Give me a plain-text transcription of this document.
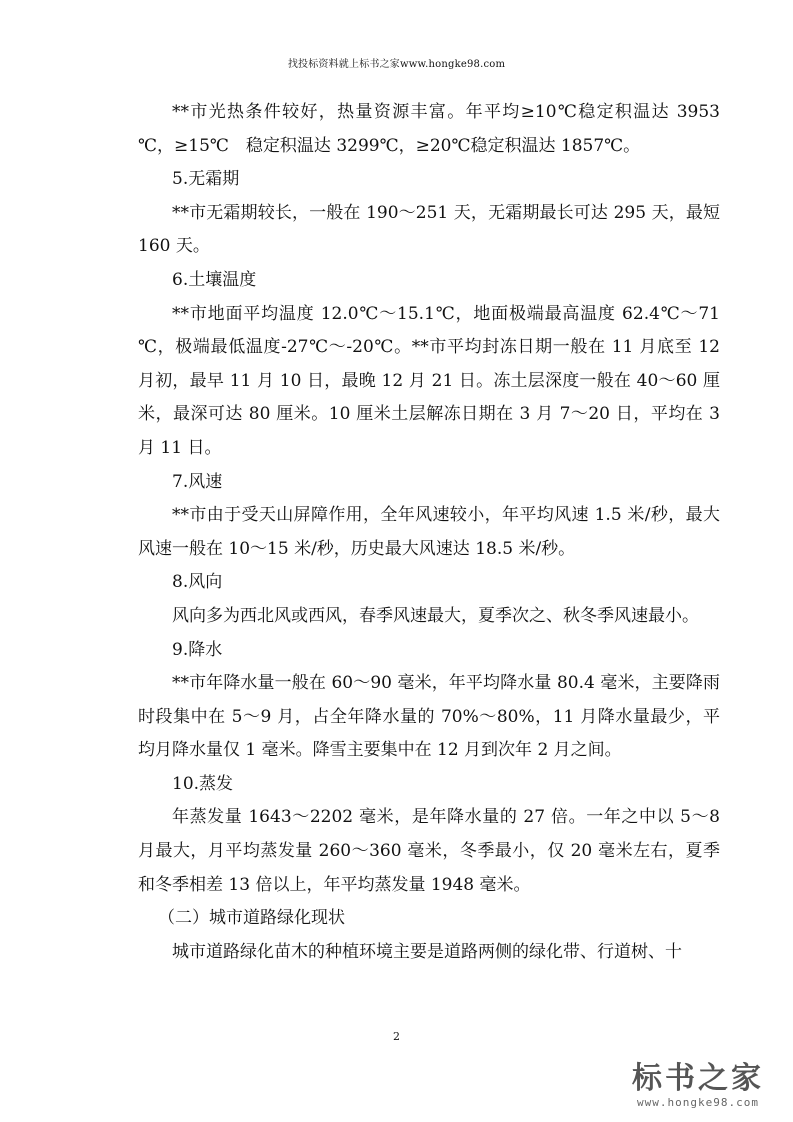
找投标资料就上标书之家www.hongke98.com

**市光热条件较好，热量资源丰富。年平均≥10℃稳定积温达 3953 ℃，≥15℃　稳定积温达 3299℃，≥20℃稳定积温达 1857℃。

5.无霜期

**市无霜期较长，一般在 190～251 天，无霜期最长可达 295 天，最短 160 天。

6.土壤温度

**市地面平均温度 12.0℃～15.1℃，地面极端最高温度 62.4℃～71 ℃，极端最低温度-27℃～-20℃。**市平均封冻日期一般在 11 月底至 12 月初，最早 11 月 10 日，最晚 12 月 21 日。冻土层深度一般在 40～60 厘米，最深可达 80 厘米。10 厘米土层解冻日期在 3 月 7～20 日，平均在 3 月 11 日。

7.风速

**市由于受天山屏障作用，全年风速较小，年平均风速 1.5 米/秒，最大风速一般在 10～15 米/秒，历史最大风速达 18.5 米/秒。

8.风向

风向多为西北风或西风，春季风速最大，夏季次之、秋冬季风速最小。

9.降水

**市年降水量一般在 60～90 毫米，年平均降水量 80.4 毫米，主要降雨时段集中在 5～9 月，占全年降水量的 70%～80%，11 月降水量最少，平均月降水量仅 1 毫米。降雪主要集中在 12 月到次年 2 月之间。

10.蒸发

年蒸发量 1643～2202 毫米，是年降水量的 27 倍。一年之中以 5～8 月最大，月平均蒸发量 260～360 毫米，冬季最小，仅 20 毫米左右，夏季和冬季相差 13 倍以上，年平均蒸发量 1948 毫米。

（二）城市道路绿化现状

城市道路绿化苗木的种植环境主要是道路两侧的绿化带、行道树、十

2
标书之家
www.hongke98.com
